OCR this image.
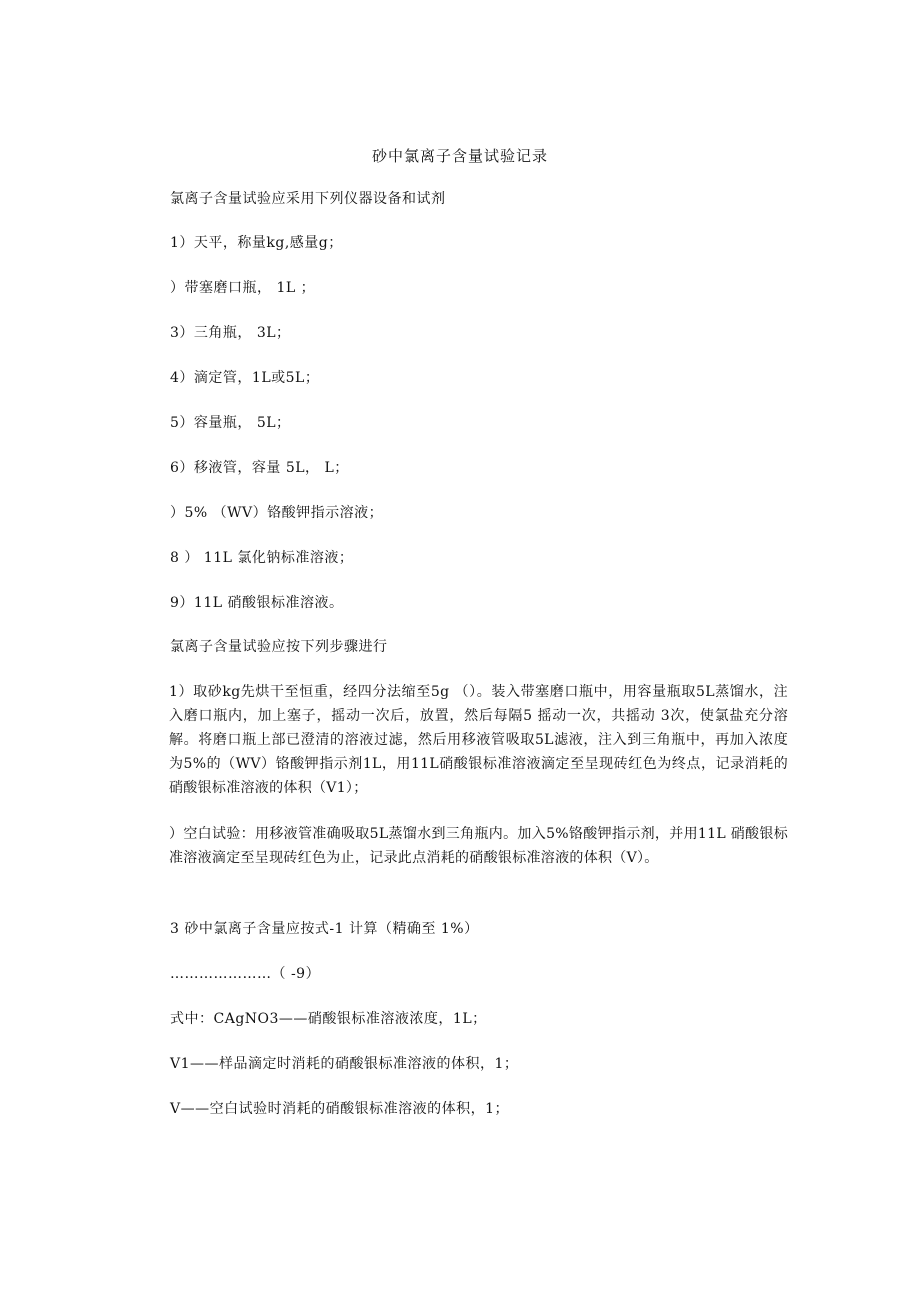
砂中氯离子含量试验记录
氯离子含量试验应采用下列仪器设备和试剂
1）天平，称量kg,感量g；
）带塞磨口瓶， 1L ；
3）三角瓶， 3L；
4）滴定管，1L或5L；
5）容量瓶， 5L；
6）移液管，容量 5L， L；
）5% （WV）铬酸钾指示溶液；
8 ） 11L 氯化钠标准溶液；
9）11L 硝酸银标准溶液。
氯离子含量试验应按下列步骤进行
1）取砂kg先烘干至恒重，经四分法缩至5g （）。装入带塞磨口瓶中，用容量瓶取5L蒸馏水，注入磨口瓶内，加上塞子，摇动一次后，放置，然后每隔5 摇动一次，共摇动 3次，使氯盐充分溶解。将磨口瓶上部已澄清的溶液过滤，然后用移液管吸取5L滤液，注入到三角瓶中，再加入浓度为5%的（WV）铬酸钾指示剂1L，用11L硝酸银标准溶液滴定至呈现砖红色为终点，记录消耗的硝酸银标准溶液的体积（V1）；
）空白试验：用移液管准确吸取5L蒸馏水到三角瓶内。加入5%铬酸钾指示剂，并用11L 硝酸银标准溶液滴定至呈现砖红色为止，记录此点消耗的硝酸银标准溶液的体积（V）。
3 砂中氯离子含量应按式-1 计算（精确至 1%）
…………………（ -9）
式中：CAgNO3——硝酸银标准溶液浓度，1L；
V1——样品滴定时消耗的硝酸银标准溶液的体积，1；
V——空白试验时消耗的硝酸银标准溶液的体积，1；
